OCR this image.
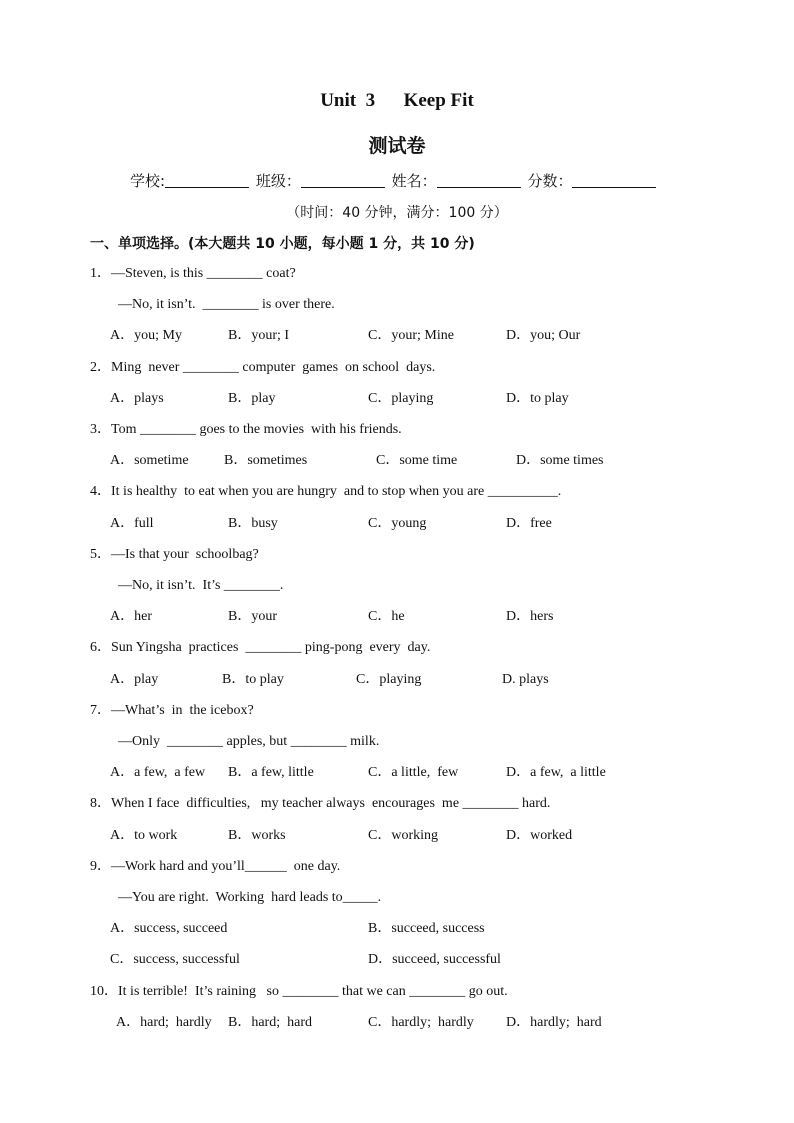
Unit  3      Keep Fit
测试卷
学校:	班级：	姓名：	分数：
（时间：40 分钟，满分：100 分）
一、单项选择。(本大题共 10 小题，每小题 1 分，共 10 分)
1．—Steven, is this ________ coat?
—No, it isn’t.  ________ is over there.
A．you; My	B．your; I	C．your; Mine	D．you; Our
2．Ming  never ________ computer  games  on school  days.
A．plays	B．play	C．playing	D．to play
3．Tom ________ goes to the movies  with his friends.
A．sometime	B．sometimes	C．some time	D．some times
4．It is healthy  to eat when you are hungry  and to stop when you are __________.
A．full	B．busy	C．young	D．free
5．—Is that your  schoolbag?
—No, it isn’t.  It’s ________.
A．her	B．your	C．he	D．hers
6．Sun Yingsha  practices  ________ ping-pong  every  day.
A．play	B．to play	C．playing	D. plays
7．—What’s  in  the icebox?
—Only  ________ apples, but ________ milk.
A．a few,  a few B．a few, little	C．a little,  few	D．a few,  a little
8．When I face  difficulties,   my teacher always  encourages  me ________ hard.
A．to work	B．works	C．working	D．worked
9．—Work hard and you’ll______  one day.
—You are right.  Working  hard leads to_____.
A．success, succeed	B．succeed, success
C．success, successful	D．succeed, successful
10．It is terrible!  It’s raining   so ________ that we can ________ go out.
A．hard;  hardly B．hard;  hard	C．hardly;  hardly D．hardly;  hard
